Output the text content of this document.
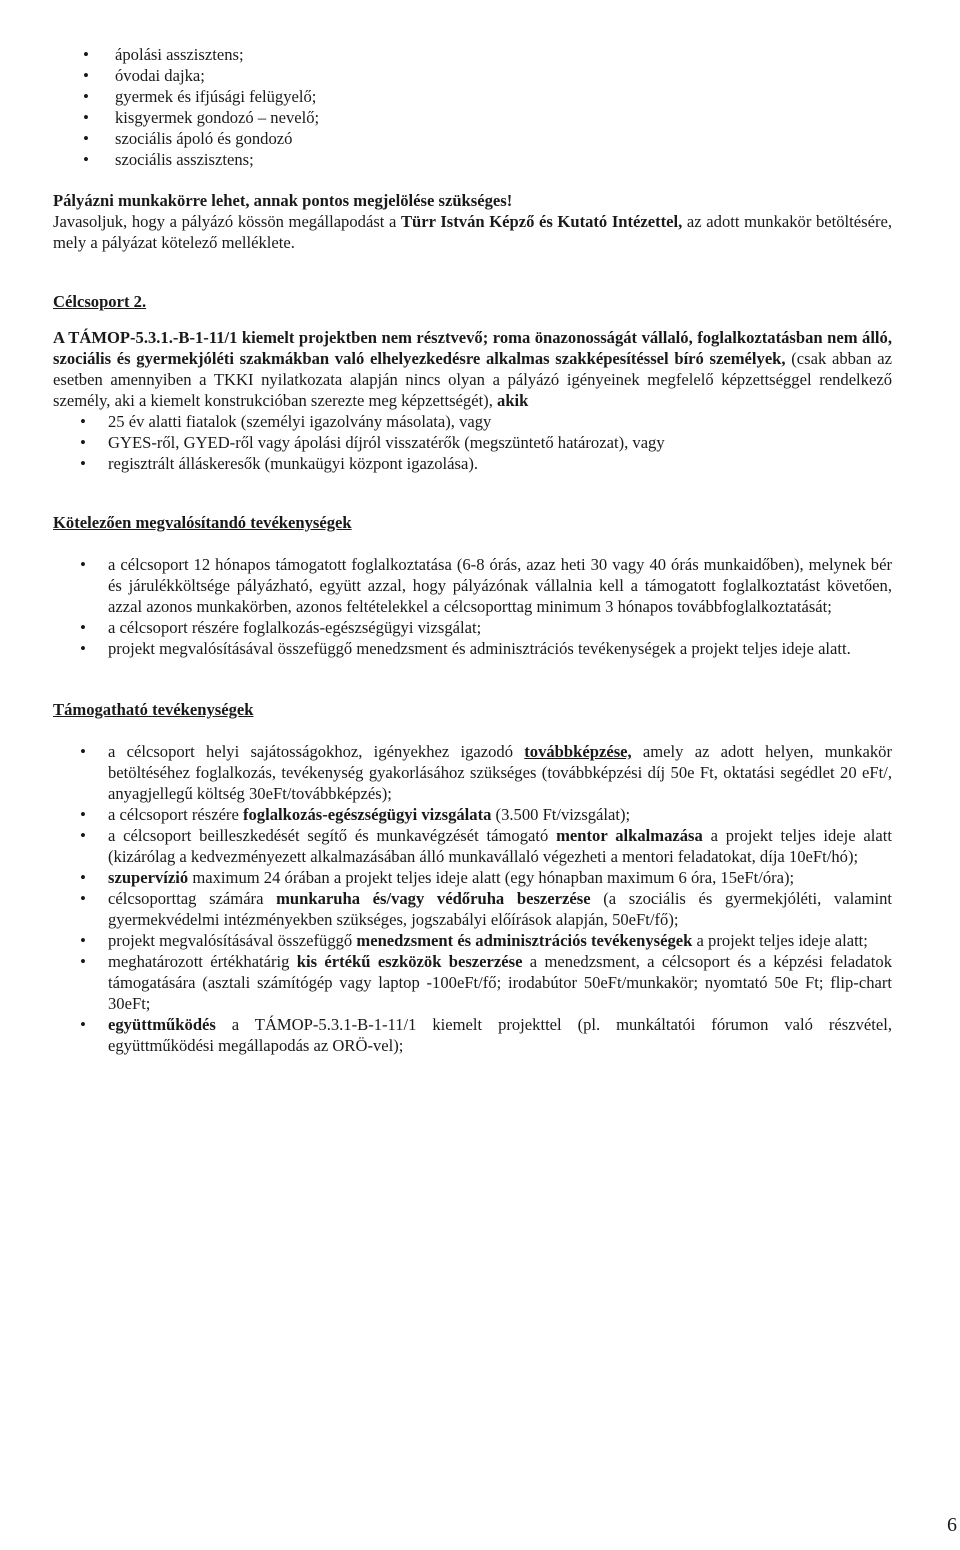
• ápolási asszisztens;
• óvodai dajka;
• gyermek és ifjúsági felügyelő;
• kisgyermek gondozó – nevelő;
• szociális ápoló és gondozó
• szociális asszisztens;

Pályázni munkakörre lehet, annak pontos megjelölése szükséges!

Javasoljuk, hogy a pályázó kössön megállapodást a Türr István Képző és Kutató Intézettel, az adott munkakör betöltésére, mely a pályázat kötelező melléklete.

Célcsoport 2.

A TÁMOP-5.3.1.-B-1-11/1 kiemelt projektben nem résztvevő; roma önazonosságát vállaló, foglalkoztatásban nem álló, szociális és gyermekjóléti szakmákban való elhelyezkedésre alkalmas szakképesítéssel bíró személyek, (csak abban az esetben amennyiben a TKKI nyilatkozata alapján nincs olyan a pályázó igényeinek megfelelő képzettséggel rendelkező személy, aki a kiemelt konstrukcióban szerezte meg képzettségét), akik

• 25 év alatti fiatalok (személyi igazolvány másolata), vagy
• GYES-ről, GYED-ről vagy ápolási díjról visszatérők (megszüntető határozat), vagy
• regisztrált álláskeresők (munkaügyi központ igazolása).

Kötelezően megvalósítandó tevékenységek

• a célcsoport 12 hónapos támogatott foglalkoztatása (6-8 órás, azaz heti 30 vagy 40 órás munkaidőben), melynek bér és járulékköltsége pályázható, együtt azzal, hogy pályázónak vállalnia kell a támogatott foglalkoztatást követően, azzal azonos munkakörben, azonos feltételekkel a célcsoporttag minimum 3 hónapos továbbfoglalkoztatását;
• a célcsoport részére foglalkozás-egészségügyi vizsgálat;
• projekt megvalósításával összefüggő menedzsment és adminisztrációs tevékenységek a projekt teljes ideje alatt.

Támogatható tevékenységek

• a célcsoport helyi sajátosságokhoz, igényekhez igazodó továbbképzése, amely az adott helyen, munkakör betöltéséhez foglalkozás, tevékenység gyakorlásához szükséges (továbbképzési díj 50e Ft, oktatási segédlet 20 eFt/, anyagjellegű költség 30eFt/továbbképzés);
• a célcsoport részére foglalkozás-egészségügyi vizsgálata (3.500 Ft/vizsgálat);
• a célcsoport beilleszkedését segítő és munkavégzését támogató mentor alkalmazása a projekt teljes ideje alatt (kizárólag a kedvezményezett alkalmazásában álló munkavállaló végezheti a mentori feladatokat, díja 10eFt/hó);
• szupervízió maximum 24 órában a projekt teljes ideje alatt (egy hónapban maximum 6 óra, 15eFt/óra);
• célcsoporttag számára munkaruha és/vagy védőruha beszerzése (a szociális és gyermekjóléti, valamint gyermekvédelmi intézményekben szükséges, jogszabályi előírások alapján, 50eFt/fő);
• projekt megvalósításával összefüggő menedzsment és adminisztrációs tevékenységek a projekt teljes ideje alatt;
• meghatározott értékhatárig kis értékű eszközök beszerzése a menedzsment, a célcsoport és a képzési feladatok támogatására (asztali számítógép vagy laptop -100eFt/fő; irodabútor 50eFt/munkakör; nyomtató 50e Ft; flip-chart 30eFt;
• együttműködés a TÁMOP-5.3.1-B-1-11/1 kiemelt projekttel (pl. munkáltatói fórumon való részvétel, együttműködési megállapodás az ORÖ-vel);
6
